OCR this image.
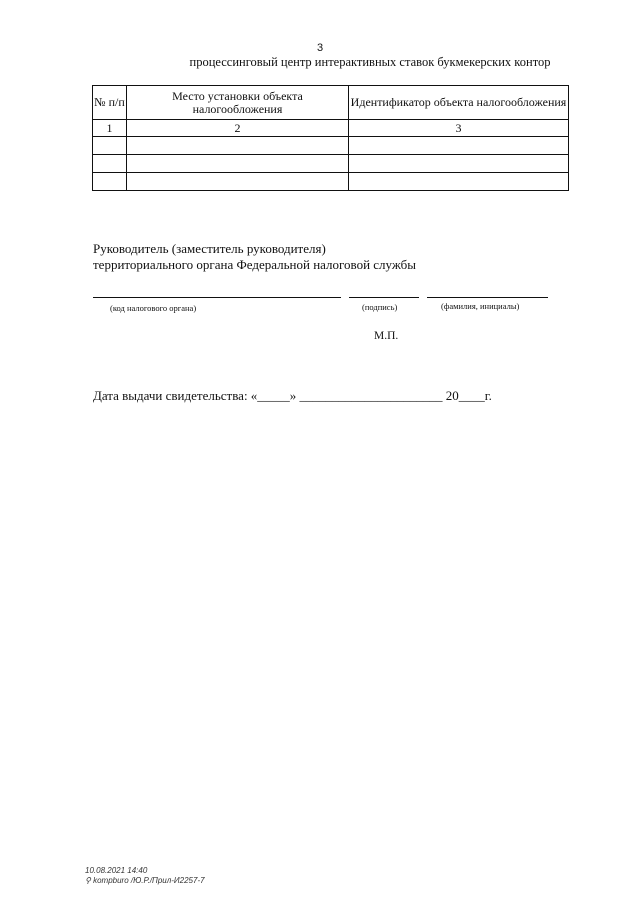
3
процессинговый центр интерактивных ставок букмекерских контор
№ п/п	Место установки объекта налогообложения	Идентификатор объекта налогообложения
1	2	3

Руководитель (заместитель руководителя)
территориального органа Федеральной налоговой службы
(код налогового органа)	(подпись)	(фамилия, инициалы)
М.П.
Дата выдачи свидетельства: «_____» ______________________ 20____г.
10.08.2021 14:40
⚲ kompburo /Ю.Р./Прил-И2257-7
